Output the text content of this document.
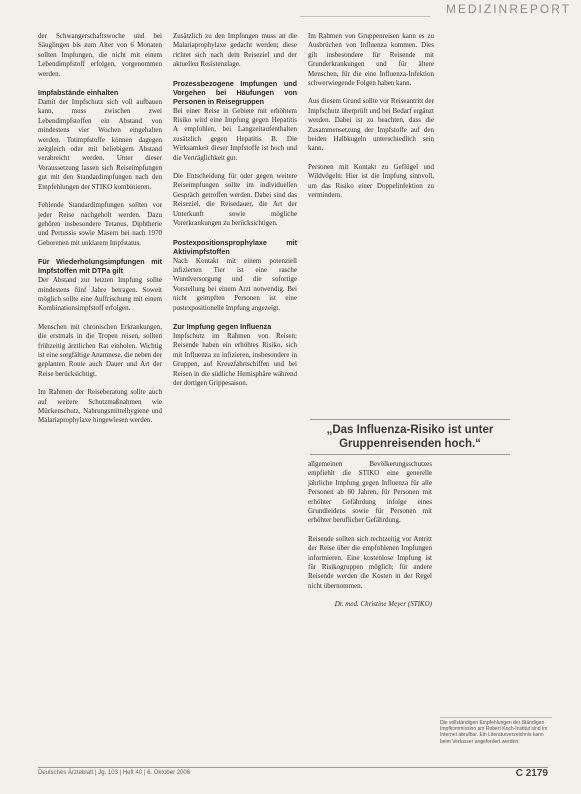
MEDIZINREPORT

der Schwangerschaftswoche und bei Säuglingen bis zum Alter von 6 Monaten sollten Impfungen, die nicht mit einem Lebendimpfstoff erfolgen, vorgenommen werden.

Impfabstände einhalten

Damit der Impfschutz sich voll aufbauen kann, muss zwischen zwei Lebendimpfstoffen ein Abstand von mindestens vier Wochen eingehalten werden. Totimpfstoffe können dagegen zeitgleich oder mit beliebigem Abstand verabreicht werden. Unter dieser Voraussetzung lassen sich Reiseimpfungen gut mit den Standardimpfungen nach den Empfehlungen der STIKO kombinieren.

Fehlende Standardimpfungen sollten vor jeder Reise nachgeholt werden. Dazu gehören insbesondere Tetanus, Diphtherie und Pertussis sowie Masern bei nach 1970 Geborenen mit unklarem Impfstatus.

Für Wiederholungsimpfungen mit Impfstoffen mit DTPa gilt

Der Abstand zur letzten Impfung sollte mindestens fünf Jahre betragen. Soweit möglich sollte eine Auffrischung mit einem Kombinationsimpfstoff erfolgen.

Menschen mit chronischen Erkrankungen, die erstmals in die Tropen reisen, sollten frühzeitig ärztlichen Rat einholen. Wichtig ist eine sorgfältige Anamnese, die neben der geplanten Route auch Dauer und Art der Reise berücksichtigt.

Im Rahmen der Reiseberatung sollte auch auf weitere Schutzmaßnahmen wie Mückenschutz, Nahrungsmittelhygiene und Malariaprophylaxe hingewiesen werden.

Zusätzlich zu den Impfungen muss an die Malariaprophylaxe gedacht werden; diese richtet sich nach dem Reiseziel und der aktuellen Resistenzlage.

Prozessbezogene Impfungen und Vorgehen bei Häufungen von Personen in Reisegruppen

Bei einer Reise in Gebiete mit erhöhtem Risiko wird eine Impfung gegen Hepatitis A empfohlen, bei Langzeitaufenthalten zusätzlich gegen Hepatitis B. Die Wirksamkeit dieser Impfstoffe ist hoch und die Verträglichkeit gut.

Die Entscheidung für oder gegen weitere Reiseimpfungen sollte im individuellen Gespräch getroffen werden. Dabei sind das Reiseziel, die Reisedauer, die Art der Unterkunft sowie mögliche Vorerkrankungen zu berücksichtigen.

Postexpositionsprophylaxe mit Aktivimpfstoffen

Nach Kontakt mit einem potenziell infizierten Tier ist eine rasche Wundversorgung und die sofortige Vorstellung bei einem Arzt notwendig. Bei nicht geimpften Personen ist eine postexpositionelle Impfung angezeigt.

Zur Impfung gegen Influenza

Impfschutz im Rahmen von Reisen: Reisende haben ein erhöhtes Risiko, sich mit Influenza zu infizieren, insbesondere in Gruppen, auf Kreuzfahrtschiffen und bei Reisen in die südliche Hemisphäre während der dortigen Grippesaison.

Im Rahmen von Gruppenreisen kann es zu Ausbrüchen von Influenza kommen. Dies gilt insbesondere für Reisende mit Grunderkrankungen und für ältere Menschen, für die eine Influenza-Infektion schwerwiegende Folgen haben kann.

Aus diesem Grund sollte vor Reiseantritt der Impfschutz überprüft und bei Bedarf ergänzt werden. Dabei ist zu beachten, dass die Zusammensetzung der Impfstoffe auf den beiden Halbkugeln unterschiedlich sein kann.

Personen mit Kontakt zu Geflügel und Wildvögeln: Hier ist die Impfung sinnvoll, um das Risiko einer Doppelinfektion zu vermindern.

„Das Influenza-Risiko ist unter Gruppenreisenden hoch.“

allgemeinen Bevölkerungsschutzes empfiehlt die STIKO eine generelle jährliche Impfung gegen Influenza für alle Personen ab 60 Jahren, für Personen mit erhöhter Gefährdung infolge eines Grundleidens sowie für Personen mit erhöhter beruflicher Gefährdung.

Reisende sollten sich rechtzeitig vor Antritt der Reise über die empfohlenen Impfungen informieren. Eine kostenlose Impfung ist für Risikogruppen möglich; für andere Reisende werden die Kosten in der Regel nicht übernommen.

Dr. med. Christine Meyer (STIKO)

Die vollständigen Empfehlungen der Ständigen Impfkommission am Robert Koch-Institut sind im Internet abrufbar. Ein Literaturverzeichnis kann beim Verfasser angefordert werden.
Deutsches Ärzteblatt | Jg. 103 | Heft 40 | 6. Oktober 2006	C 2179
